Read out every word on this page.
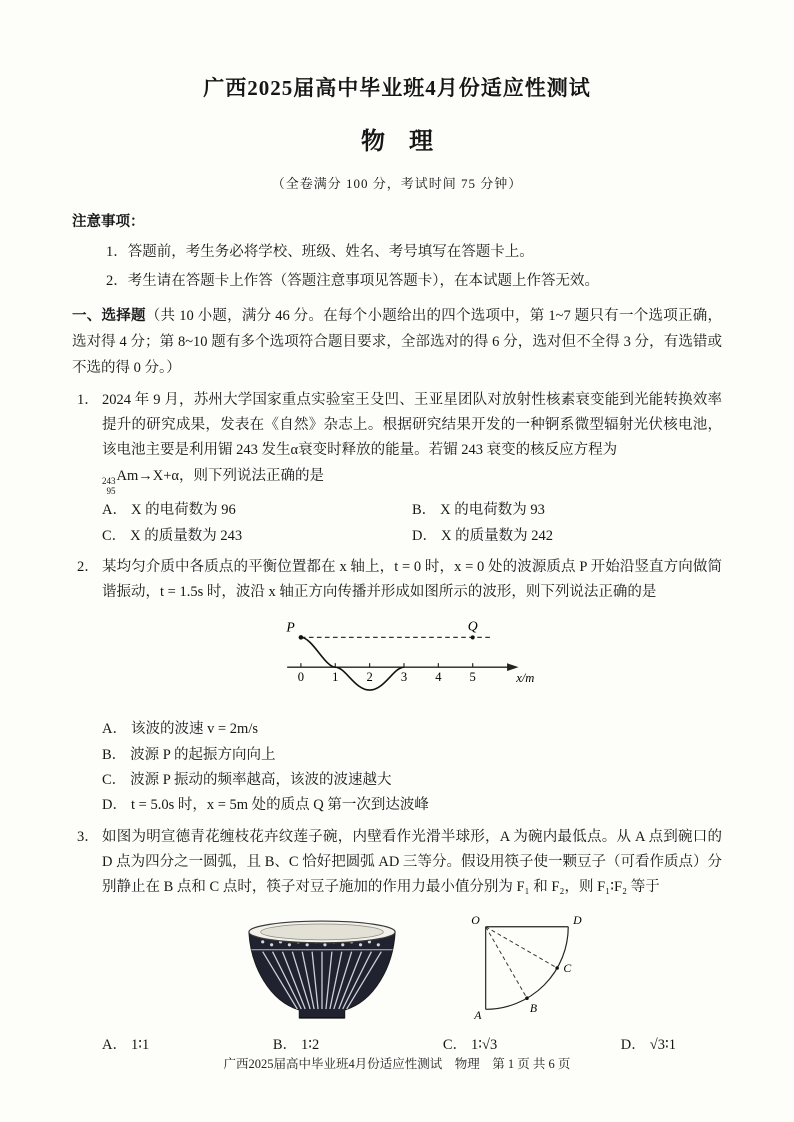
广西2025届高中毕业班4月份适应性测试
物　理
（全卷满分 100 分，考试时间 75 分钟）
注意事项：
1．答题前，考生务必将学校、班级、姓名、考号填写在答题卡上。
2．考生请在答题卡上作答（答题注意事项见答题卡），在本试题上作答无效。

一、选择题（共 10 小题，满分 46 分。在每个小题给出的四个选项中，第 1~7 题只有一个选项正确，选对得 4 分；第 8~10 题有多个选项符合题目要求，全部选对的得 6 分，选对但不全得 3 分，有选错或不选的得 0 分。）

1． 2024 年 9 月，苏州大学国家重点实验室王殳凹、王亚星团队对放射性核素衰变能到光能转换效率提升的研究成果，发表在《自然》杂志上。根据研究结果开发的一种锕系微型辐射光伏核电池，该电池主要是利用镅 243 发生α衰变时释放的能量。若镅 243 衰变的核反应方程为
243
95
Am→X+α，则下列说法正确的是
A． X 的电荷数为 96	B． X 的电荷数为 93
C． X 的质量数为 243	D． X 的质量数为 242
2． 某均匀介质中各质点的平衡位置都在 x 轴上，t = 0 时，x = 0 处的波源质点 P 开始沿竖直方向做简谐振动，t = 1.5s 时，波沿 x 轴正方向传播并形成如图所示的波形，则下列说法正确的是
0	1	2	3	4	5	x/m
P	Q
A． 该波的波速 v = 2m/s
B． 波源 P 的起振方向向上
C． 波源 P 振动的频率越高，该波的波速越大
D． t = 5.0s 时，x = 5m 处的质点 Q 第一次到达波峰
3． 如图为明宣德青花缠枝花卉纹莲子碗，内壁看作光滑半球形，A 为碗内最低点。从 A 点到碗口的 D 点为四分之一圆弧，且 B、C 恰好把圆弧 AD 三等分。假设用筷子使一颗豆子（可看作质点）分别静止在 B 点和 C 点时，筷子对豆子施加的作用力最小值分别为 F₁ 和 F₂，则 F₁∶F₂ 等于
O	D
C
B
A
A． 1∶1	B． 1∶2	C． 1∶√3	D． √3∶1
广西2025届高中毕业班4月份适应性测试　物理　第 1 页 共 6 页
